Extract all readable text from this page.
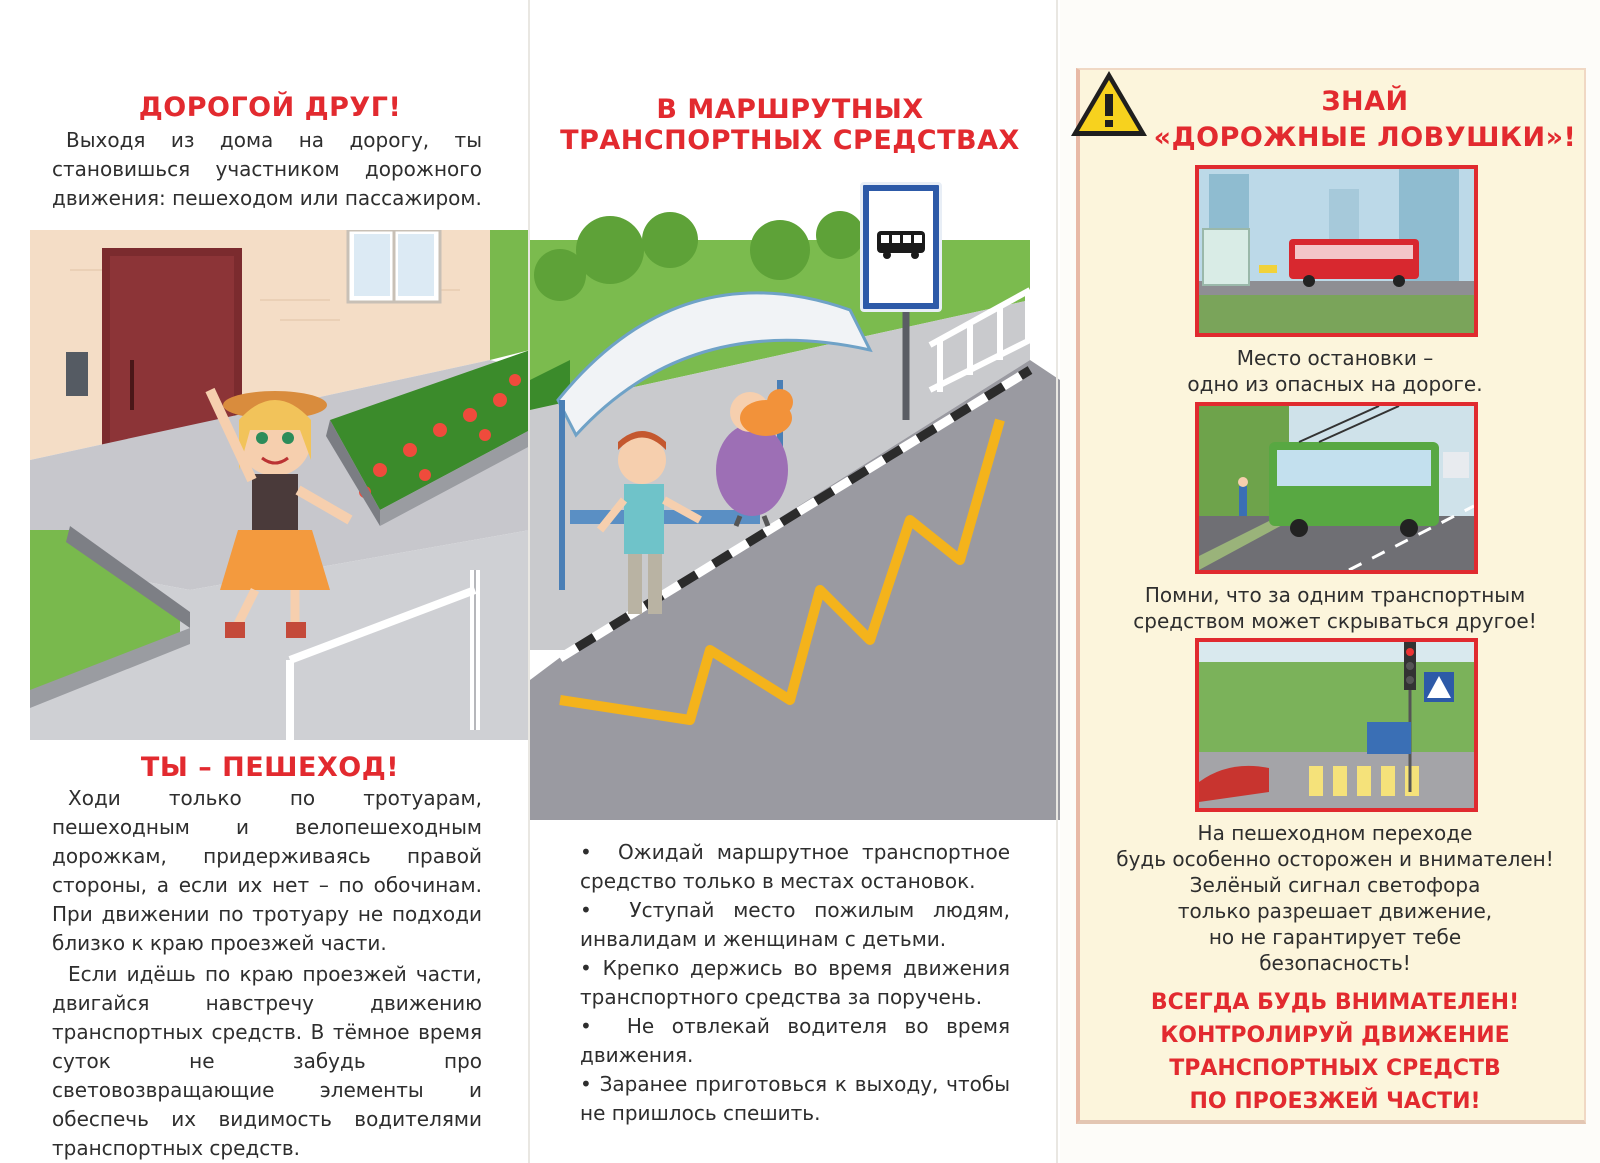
ДОРОГОЙ ДРУГ!
Выходя из дома на дорогу, ты становишься участником дорожного движения: пешеходом или пассажиром.
ТЫ – ПЕШЕХОД!

Ходи только по тротуарам, пешеходным и велопешеходным дорожкам, придерживаясь правой стороны, а если их нет – по обочинам. При движении по тротуару не подходи близко к краю проезжей части.

Если идёшь по краю проезжей части, двигайся навстречу движению транспортных средств. В тёмное время суток не забудь про световозвращающие элементы и обеспечь их видимость водителями транспортных средств.

В МАРШРУТНЫХ
ТРАНСПОРТНЫХ СРЕДСТВАХ
• Ожидай маршрутное транспортное средство только в местах остановок.
• Уступай место пожилым людям, инвалидам и женщинам с детьми.
• Крепко держись во время движения транспортного средства за поручень.
• Не отвлекай водителя во время движения.
• Заранее приготовься к выходу, чтобы не пришлось спешить.
ЗНАЙ
«ДОРОЖНЫЕ ЛОВУШКИ»!
Место остановки –
одно из опасных на дороге.
Помни, что за одним транспортным
средством может скрываться другое!
На пешеходном переходе
будь особенно осторожен и внимателен!
Зелёный сигнал светофора
только разрешает движение,
но не гарантирует тебе
безопасность!
ВСЕГДА БУДЬ ВНИМАТЕЛЕН!
КОНТРОЛИРУЙ ДВИЖЕНИЕ
ТРАНСПОРТНЫХ СРЕДСТВ
ПО ПРОЕЗЖЕЙ ЧАСТИ!
